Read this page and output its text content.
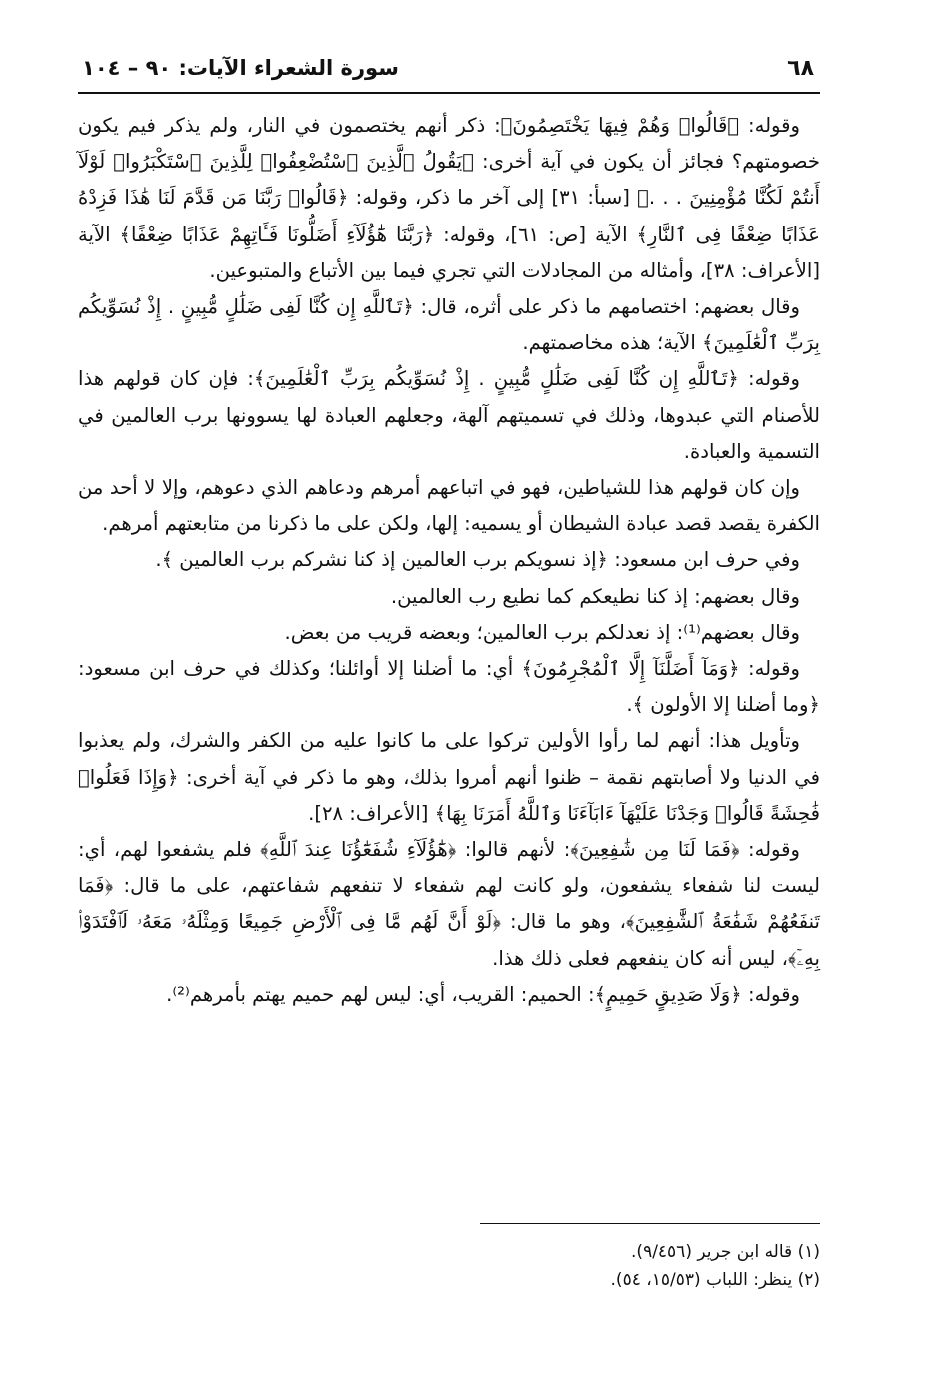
٦٨
سورة الشعراء الآيات: ٩٠ – ١٠٤

وقوله: ﴿قَالُوا۟ وَهُمْ فِيهَا يَخْتَصِمُونَ﴾: ذكر أنهم يختصمون في النار، ولم يذكر فيم يكون خصومتهم؟ فجائز أن يكون في آية أخرى: ﴿يَقُولُ ٱلَّذِينَ ٱسْتُضْعِفُوا۟ لِلَّذِينَ ٱسْتَكْبَرُوا۟ لَوْلَآ أَنتُمْ لَكُنَّا مُؤْمِنِينَ . . .﴾ [سبأ: ٣١] إلى آخر ما ذكر، وقوله: ﴿قَالُوا۟ رَبَّنَا مَن قَدَّمَ لَنَا هَٰذَا فَزِدْهُ عَذَابًا ضِعْفًا فِى ٱلنَّارِ﴾ الآية [ص: ٦١]، وقوله: ﴿رَبَّنَا هَٰٓؤُلَآءِ أَضَلُّونَا فَـَٔاتِهِمْ عَذَابًا ضِعْفًا﴾ الآية [الأعراف: ٣٨]، وأمثاله من المجادلات التي تجري فيما بين الأتباع والمتبوعين.

وقال بعضهم: اختصامهم ما ذكر على أثره، قال: ﴿تَٱللَّهِ إِن كُنَّا لَفِى ضَلَٰلٍ مُّبِينٍ . إِذْ نُسَوِّيكُم بِرَبِّ ٱلْعَٰلَمِينَ﴾ الآية؛ هذه مخاصمتهم.

وقوله: ﴿تَٱللَّهِ إِن كُنَّا لَفِى ضَلَٰلٍ مُّبِينٍ . إِذْ نُسَوِّيكُم بِرَبِّ ٱلْعَٰلَمِينَ﴾: فإن كان قولهم هذا للأصنام التي عبدوها، وذلك في تسميتهم آلهة، وجعلهم العبادة لها يسوونها برب العالمين في التسمية والعبادة.

وإن كان قولهم هذا للشياطين، فهو في اتباعهم أمرهم ودعاهم الذي دعوهم، وإلا لا أحد من الكفرة يقصد قصد عبادة الشيطان أو يسميه: إلها، ولكن على ما ذكرنا من متابعتهم أمرهم.

وفي حرف ابن مسعود: ﴿إذ نسويكم برب العالمين إذ كنا نشركم برب العالمين ﴾.

وقال بعضهم: إذ كنا نطيعكم كما نطيع رب العالمين.

وقال بعضهم⁽¹⁾: إذ نعدلكم برب العالمين؛ وبعضه قريب من بعض.

وقوله: ﴿وَمَآ أَضَلَّنَآ إِلَّا ٱلْمُجْرِمُونَ﴾ أي: ما أضلنا إلا أوائلنا؛ وكذلك في حرف ابن مسعود: ﴿وما أضلنا إلا الأولون ﴾.

وتأويل هذا: أنهم لما رأوا الأولين تركوا على ما كانوا عليه من الكفر والشرك، ولم يعذبوا في الدنيا ولا أصابتهم نقمة – ظنوا أنهم أمروا بذلك، وهو ما ذكر في آية أخرى: ﴿وَإِذَا فَعَلُوا۟ فَٰحِشَةً قَالُوا۟ وَجَدْنَا عَلَيْهَآ ءَابَآءَنَا وَٱللَّهُ أَمَرَنَا بِهَا﴾ [الأعراف: ٢٨].

وقوله: ﴿فَمَا لَنَا مِن شَٰفِعِينَ﴾: لأنهم قالوا: ﴿هَٰٓؤُلَآءِ شُفَعَٰٓؤُنَا عِندَ ٱللَّهِ﴾ فلم يشفعوا لهم، أي: ليست لنا شفعاء يشفعون، ولو كانت لهم شفعاء لا تنفعهم شفاعتهم، على ما قال: ﴿فَمَا تَنفَعُهُمْ شَفَٰعَةُ ٱلشَّٰفِعِينَ﴾، وهو ما قال: ﴿لَوْ أَنَّ لَهُم مَّا فِى ٱلْأَرْضِ جَمِيعًا وَمِثْلَهُۥ مَعَهُۥ لَٱفْتَدَوْا۟ بِهِۦٓ﴾، ليس أنه كان ينفعهم فعلى ذلك هذا.

وقوله: ﴿وَلَا صَدِيقٍ حَمِيمٍ﴾: الحميم: القريب، أي: ليس لهم حميم يهتم بأمرهم⁽²⁾.

(١) قاله ابن جرير (٩/٤٥٦).
(٢) ينظر: اللباب (١٥/٥٣، ٥٤).
